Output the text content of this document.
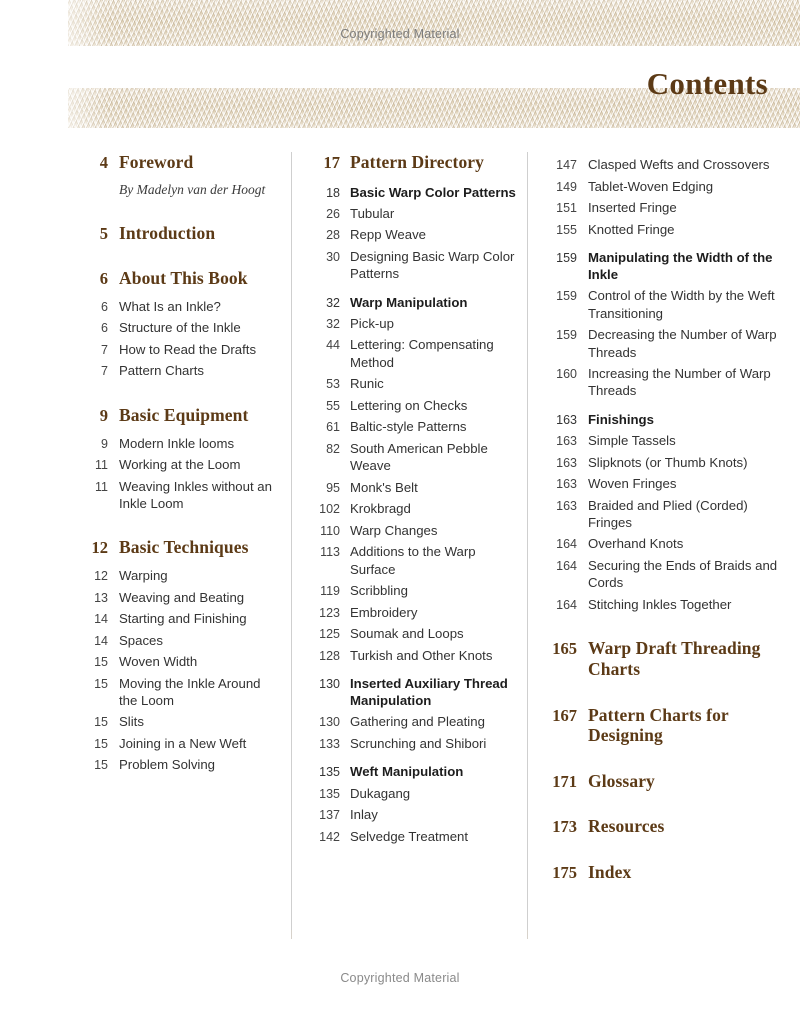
Copyrighted Material
Contents
4 Foreword
By Madelyn van der Hoogt
5 Introduction
6 About This Book
6 What Is an Inkle?
6 Structure of the Inkle
7 How to Read the Drafts
7 Pattern Charts
9 Basic Equipment
9 Modern Inkle looms
11 Working at the Loom
11 Weaving Inkles without an Inkle Loom
12 Basic Techniques
12 Warping
13 Weaving and Beating
14 Starting and Finishing
14 Spaces
15 Woven Width
15 Moving the Inkle Around the Loom
15 Slits
15 Joining in a New Weft
15 Problem Solving
17 Pattern Directory
18 Basic Warp Color Patterns
26 Tubular
28 Repp Weave
30 Designing Basic Warp Color Patterns
32 Warp Manipulation
32 Pick-up
44 Lettering: Compensating Method
53 Runic
55 Lettering on Checks
61 Baltic-style Patterns
82 South American Pebble Weave
95 Monk's Belt
102 Krokbragd
110 Warp Changes
113 Additions to the Warp Surface
119 Scribbling
123 Embroidery
125 Soumak and Loops
128 Turkish and Other Knots
130 Inserted Auxiliary Thread Manipulation
130 Gathering and Pleating
133 Scrunching and Shibori
135 Weft Manipulation
135 Dukagang
137 Inlay
142 Selvedge Treatment
147 Clasped Wefts and Crossovers
149 Tablet-Woven Edging
151 Inserted Fringe
155 Knotted Fringe
159 Manipulating the Width of the Inkle
159 Control of the Width by the Weft Transitioning
159 Decreasing the Number of Warp Threads
160 Increasing the Number of Warp Threads
163 Finishings
163 Simple Tassels
163 Slipknots (or Thumb Knots)
163 Woven Fringes
163 Braided and Plied (Corded) Fringes
164 Overhand Knots
164 Securing the Ends of Braids and Cords
164 Stitching Inkles Together
165 Warp Draft Threading Charts
167 Pattern Charts for Designing
171 Glossary
173 Resources
175 Index
Copyrighted Material
